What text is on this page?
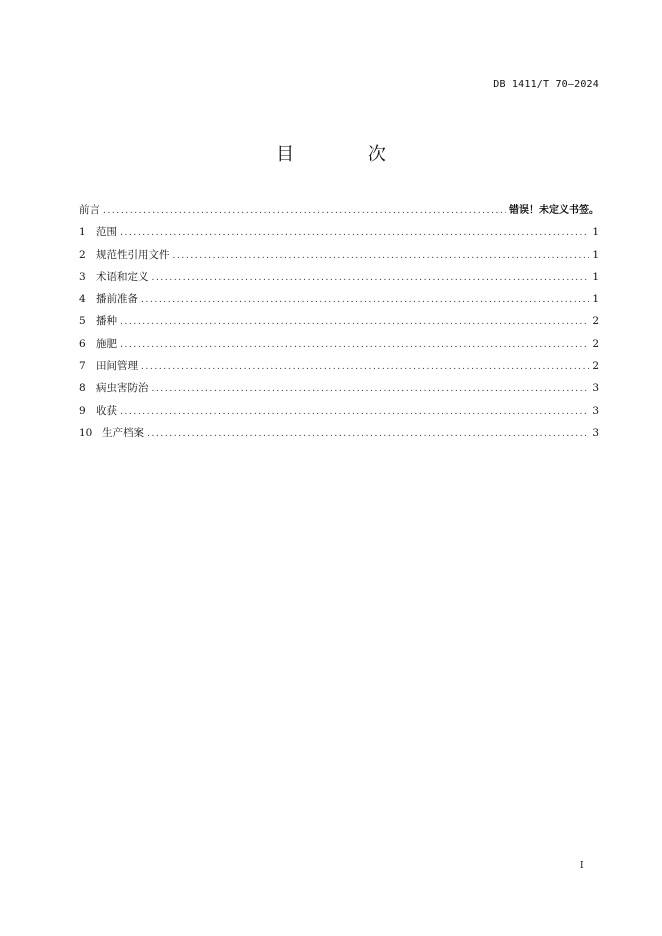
DB 1411/T 70—2024
目 次
前言 .....	错误！未定义书签。
1 范围 .....	1
2 规范性引用文件 .....	1
3 术语和定义 .....	1
4 播前准备 .....	1
5 播种 .....	2
6 施肥 .....	2
7 田间管理 .....	2
8 病虫害防治 .....	3
9 收获 .....	3
10 生产档案 .....	3
I
